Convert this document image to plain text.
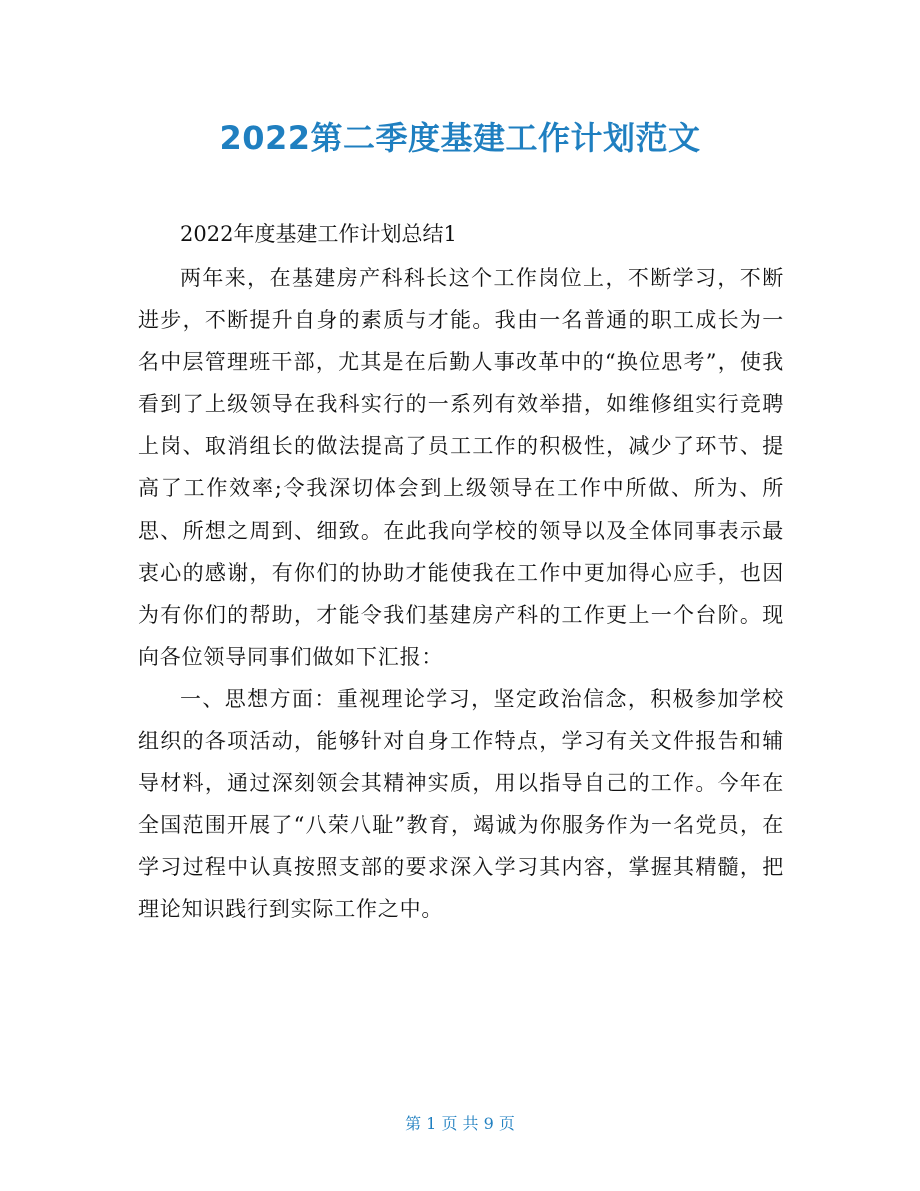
2022第二季度基建工作计划范文

2022年度基建工作计划总结1

两年来，在基建房产科科长这个工作岗位上，不断学习，不断进步，不断提升自身的素质与才能。我由一名普通的职工成长为一名中层管理班干部，尤其是在后勤人事改革中的“换位思考”，使我看到了上级领导在我科实行的一系列有效举措，如维修组实行竞聘上岗、取消组长的做法提高了员工工作的积极性，减少了环节、提高了工作效率;令我深切体会到上级领导在工作中所做、所为、所思、所想之周到、细致。在此我向学校的领导以及全体同事表示最衷心的感谢，有你们的协助才能使我在工作中更加得心应手，也因为有你们的帮助，才能令我们基建房产科的工作更上一个台阶。现向各位领导同事们做如下汇报：

一、思想方面：重视理论学习，坚定政治信念，积极参加学校组织的各项活动，能够针对自身工作特点，学习有关文件报告和辅导材料，通过深刻领会其精神实质，用以指导自己的工作。今年在全国范围开展了“八荣八耻”教育，竭诚为你服务作为一名党员，在学习过程中认真按照支部的要求深入学习其内容，掌握其精髓，把理论知识践行到实际工作之中。

第 1 页 共 9 页
